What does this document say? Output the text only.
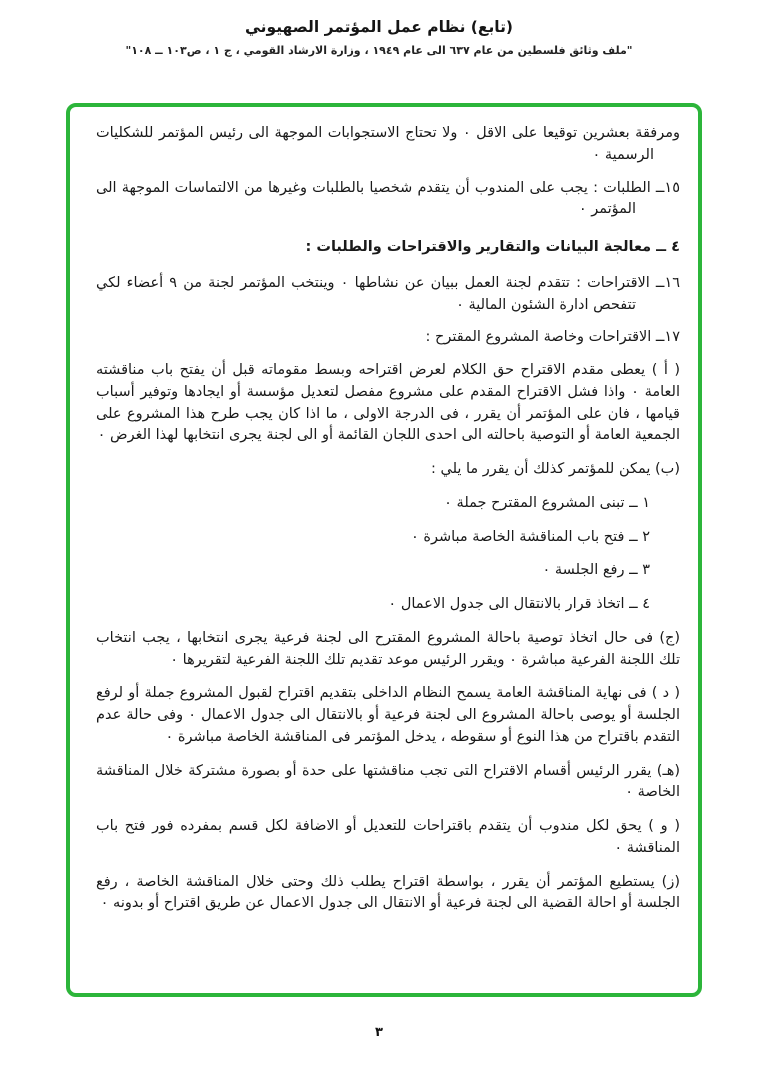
(تابع) نظام عمل المؤتمر الصهيوني
"ملف وثائق فلسطين من عام ٦٣٧ الى عام ١٩٤٩ ، وزارة الارشاد القومي ، ج ١ ، ص١٠٣ ــ ١٠٨"

ومرفقة بعشرين توقيعا على الاقل ٠ ولا تحتاج الاستجوابات الموجهة الى رئيس المؤتمر للشكليات الرسمية ٠

١٥ــ الطلبات : يجب على المندوب أن يتقدم شخصيا بالطلبات وغيرها من الالتماسات الموجهة الى المؤتمر ٠

٤ ــ معالجة البيانات والتقارير والاقتراحات والطلبات :

١٦ــ الاقتراحات : تتقدم لجنة العمل ببيان عن نشاطها ٠ وينتخب المؤتمر لجنة من ٩ أعضاء لكي تتفحص ادارة الشئون المالية ٠

١٧ــ الاقتراحات وخاصة المشروع المقترح :

( أ ) يعطى مقدم الاقتراح حق الكلام لعرض اقتراحه وبسط مقوماته قبل أن يفتح باب مناقشته العامة ٠ واذا فشل الاقتراح المقدم على مشروع مفصل لتعديل مؤسسة أو ايجادها وتوفير أسباب قيامها ، فان على المؤتمر أن يقرر ، فى الدرجة الاولى ، ما اذا كان يجب طرح هذا المشروع على الجمعية العامة أو التوصية باحالته الى احدى اللجان القائمة أو الى لجنة يجرى انتخابها لهذا الغرض ٠

(ب) يمكن للمؤتمر كذلك أن يقرر ما يلي :

١ ــ تبنى المشروع المقترح جملة ٠

٢ ــ فتح باب المناقشة الخاصة مباشرة ٠

٣ ــ رفع الجلسة ٠

٤ ــ اتخاذ قرار بالانتقال الى جدول الاعمال ٠

(ج) فى حال اتخاذ توصية باحالة المشروع المقترح الى لجنة فرعية يجرى انتخابها ، يجب انتخاب تلك اللجنة الفرعية مباشرة ٠ ويقرر الرئيس موعد تقديم تلك اللجنة الفرعية لتقريرها ٠

( د ) فى نهاية المناقشة العامة يسمح النظام الداخلى بتقديم اقتراح لقبول المشروع جملة أو لرفع الجلسة أو يوصى باحالة المشروع الى لجنة فرعية أو بالانتقال الى جدول الاعمال ٠ وفى حالة عدم التقدم باقتراح من هذا النوع أو سقوطه ، يدخل المؤتمر فى المناقشة الخاصة مباشرة ٠

(هـ) يقرر الرئيس أقسام الاقتراح التى تجب مناقشتها على حدة أو بصورة مشتركة خلال المناقشة الخاصة ٠

( و ) يحق لكل مندوب أن يتقدم باقتراحات للتعديل أو الاضافة لكل قسم بمفرده فور فتح باب المناقشة ٠

(ز) يستطيع المؤتمر أن يقرر ، بواسطة اقتراح يطلب ذلك وحتى خلال المناقشة الخاصة ، رفع الجلسة أو احالة القضية الى لجنة فرعية أو الانتقال الى جدول الاعمال عن طريق اقتراح أو بدونه ٠

٣
